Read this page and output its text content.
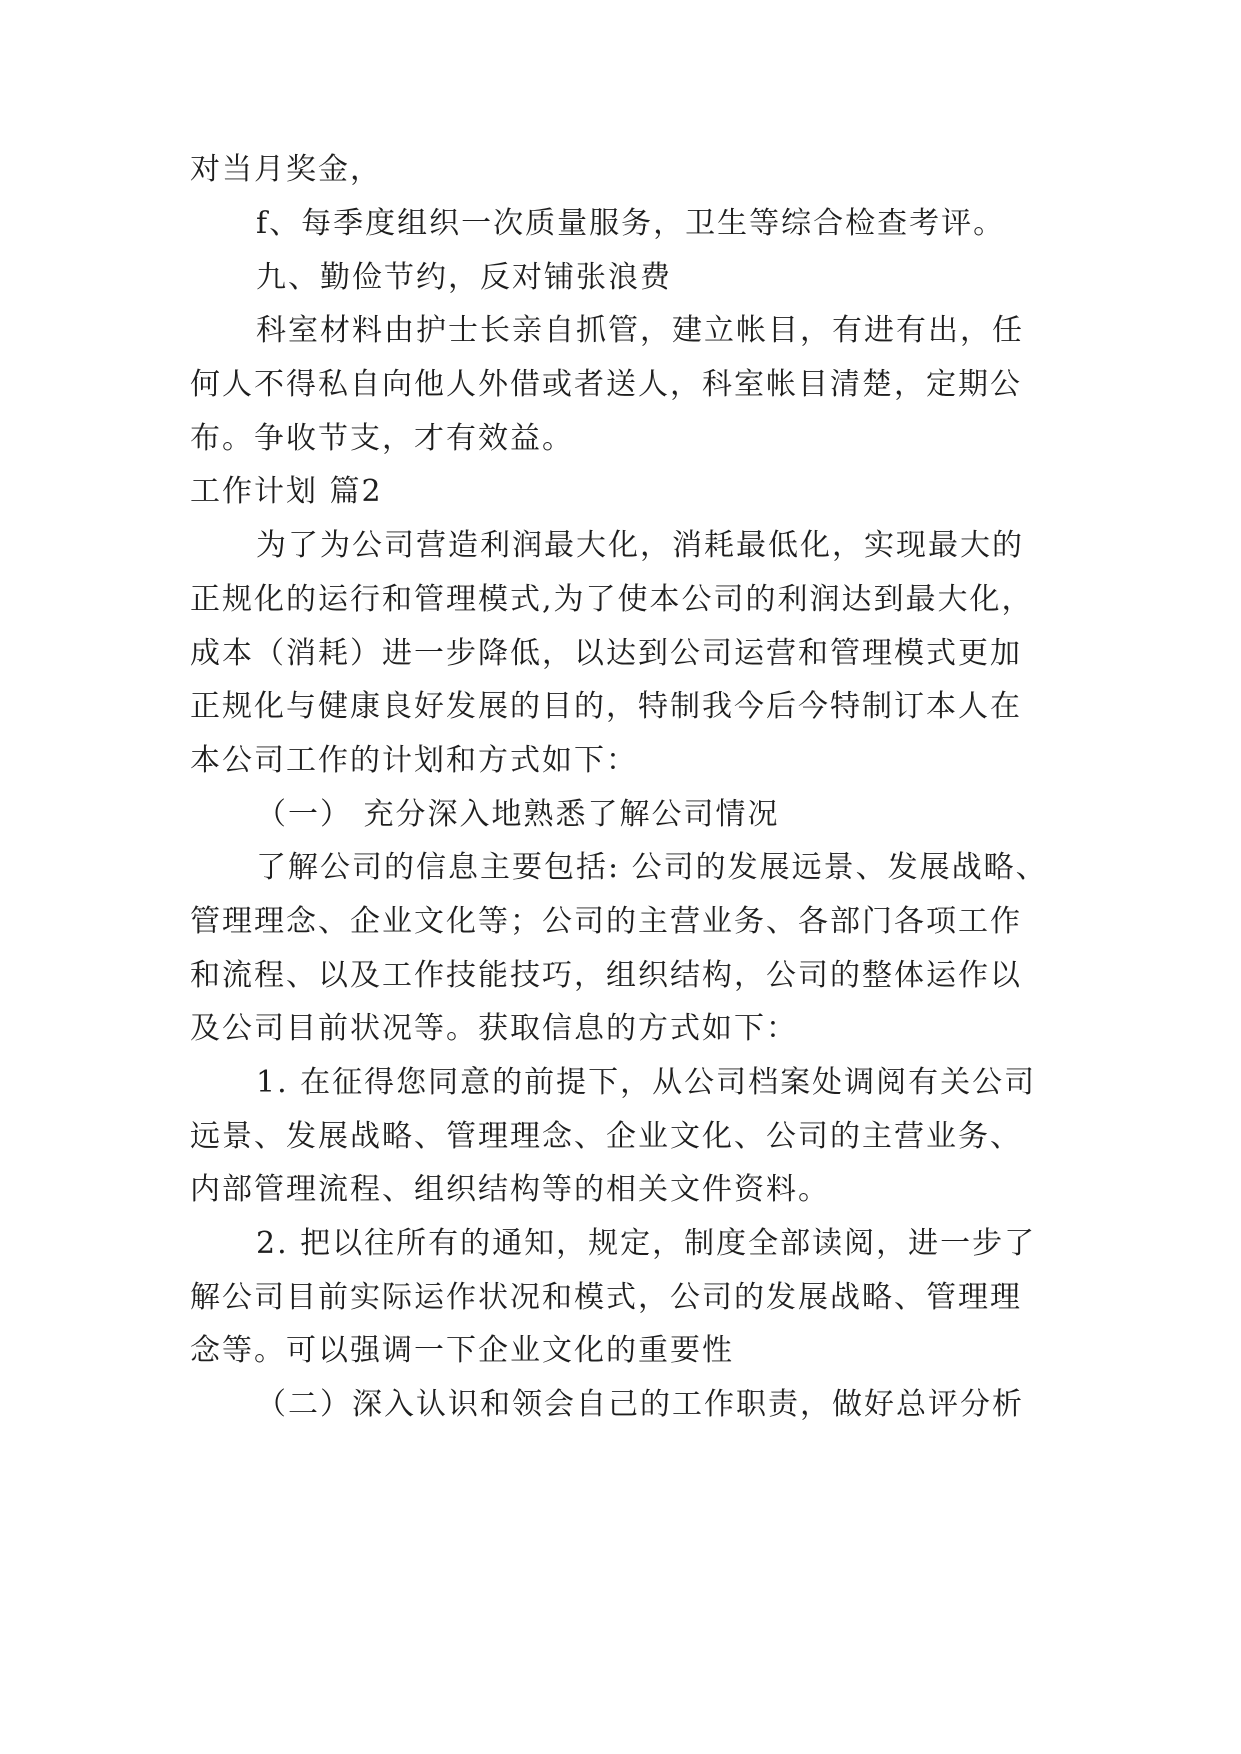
对当月奖金，
f、每季度组织一次质量服务，卫生等综合检查考评。
九、勤俭节约，反对铺张浪费
科室材料由护士长亲自抓管，建立帐目，有进有出，任
何人不得私自向他人外借或者送人，科室帐目清楚，定期公
布。争收节支，才有效益。
工作计划 篇2
为了为公司营造利润最大化，消耗最低化，实现最大的
正规化的运行和管理模式,为了使本公司的利润达到最大化，
成本（消耗）进一步降低，以达到公司运营和管理模式更加
正规化与健康良好发展的目的，特制我今后今特制订本人在
本公司工作的计划和方式如下：
（一） 充分深入地熟悉了解公司情况
了解公司的信息主要包括: 公司的发展远景、发展战略、
管理理念、企业文化等；公司的主营业务、各部门各项工作
和流程、以及工作技能技巧，组织结构，公司的整体运作以
及公司目前状况等。获取信息的方式如下：
1. 在征得您同意的前提下，从公司档案处调阅有关公司
远景、发展战略、管理理念、企业文化、公司的主营业务、
内部管理流程、组织结构等的相关文件资料。
2. 把以往所有的通知，规定，制度全部读阅，进一步了
解公司目前实际运作状况和模式，公司的发展战略、管理理
念等。可以强调一下企业文化的重要性
（二）深入认识和领会自己的工作职责，做好总评分析
